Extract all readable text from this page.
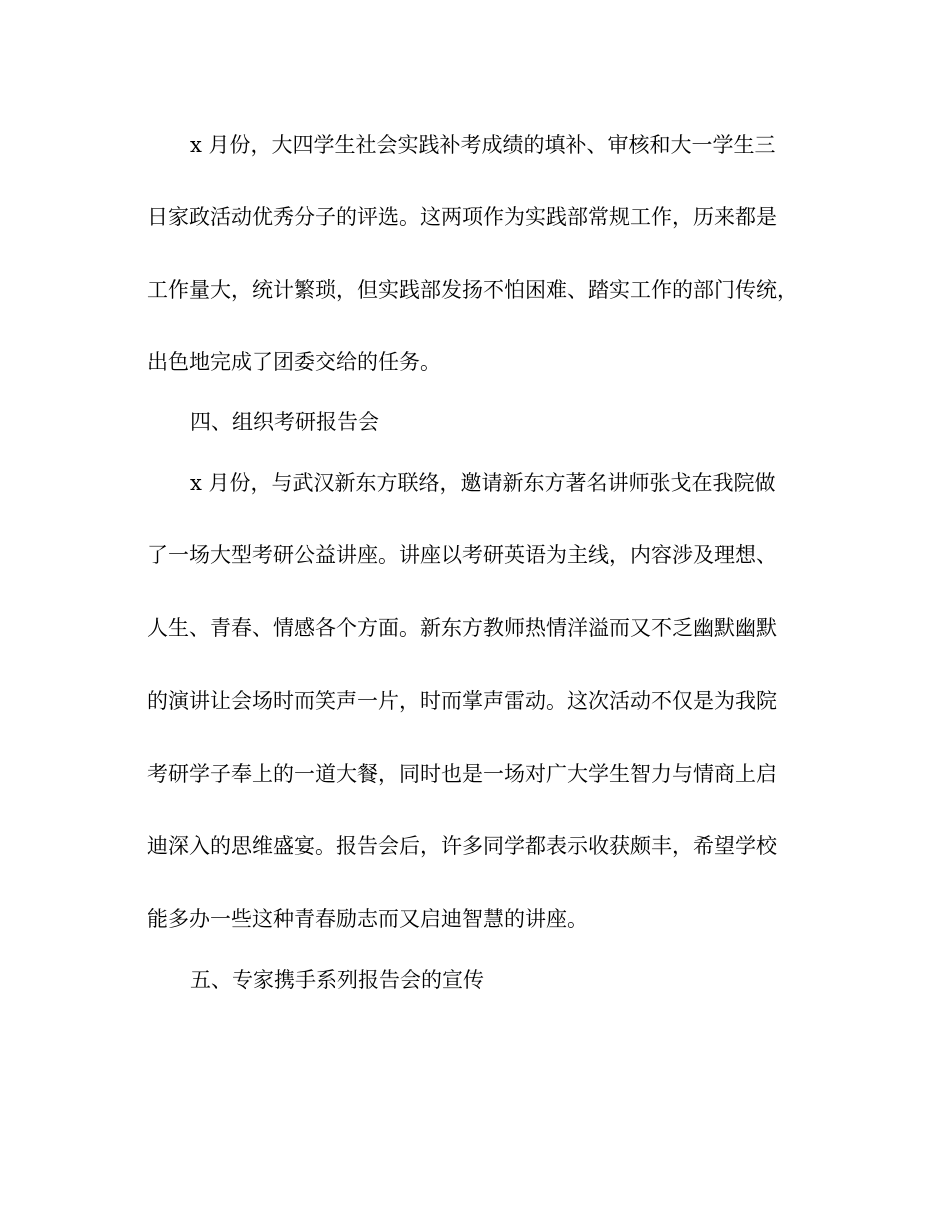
x 月份，大四学生社会实践补考成绩的填补、审核和大一学生三
日家政活动优秀分子的评选。这两项作为实践部常规工作，历来都是
工作量大，统计繁琐，但实践部发扬不怕困难、踏实工作的部门传统，
出色地完成了团委交给的任务。
四、组织考研报告会
x 月份，与武汉新东方联络，邀请新东方著名讲师张戈在我院做
了一场大型考研公益讲座。讲座以考研英语为主线，内容涉及理想、
人生、青春、情感各个方面。新东方教师热情洋溢而又不乏幽默幽默
的演讲让会场时而笑声一片，时而掌声雷动。这次活动不仅是为我院
考研学子奉上的一道大餐，同时也是一场对广大学生智力与情商上启
迪深入的思维盛宴。报告会后，许多同学都表示收获颇丰，希望学校
能多办一些这种青春励志而又启迪智慧的讲座。
五、专家携手系列报告会的宣传
